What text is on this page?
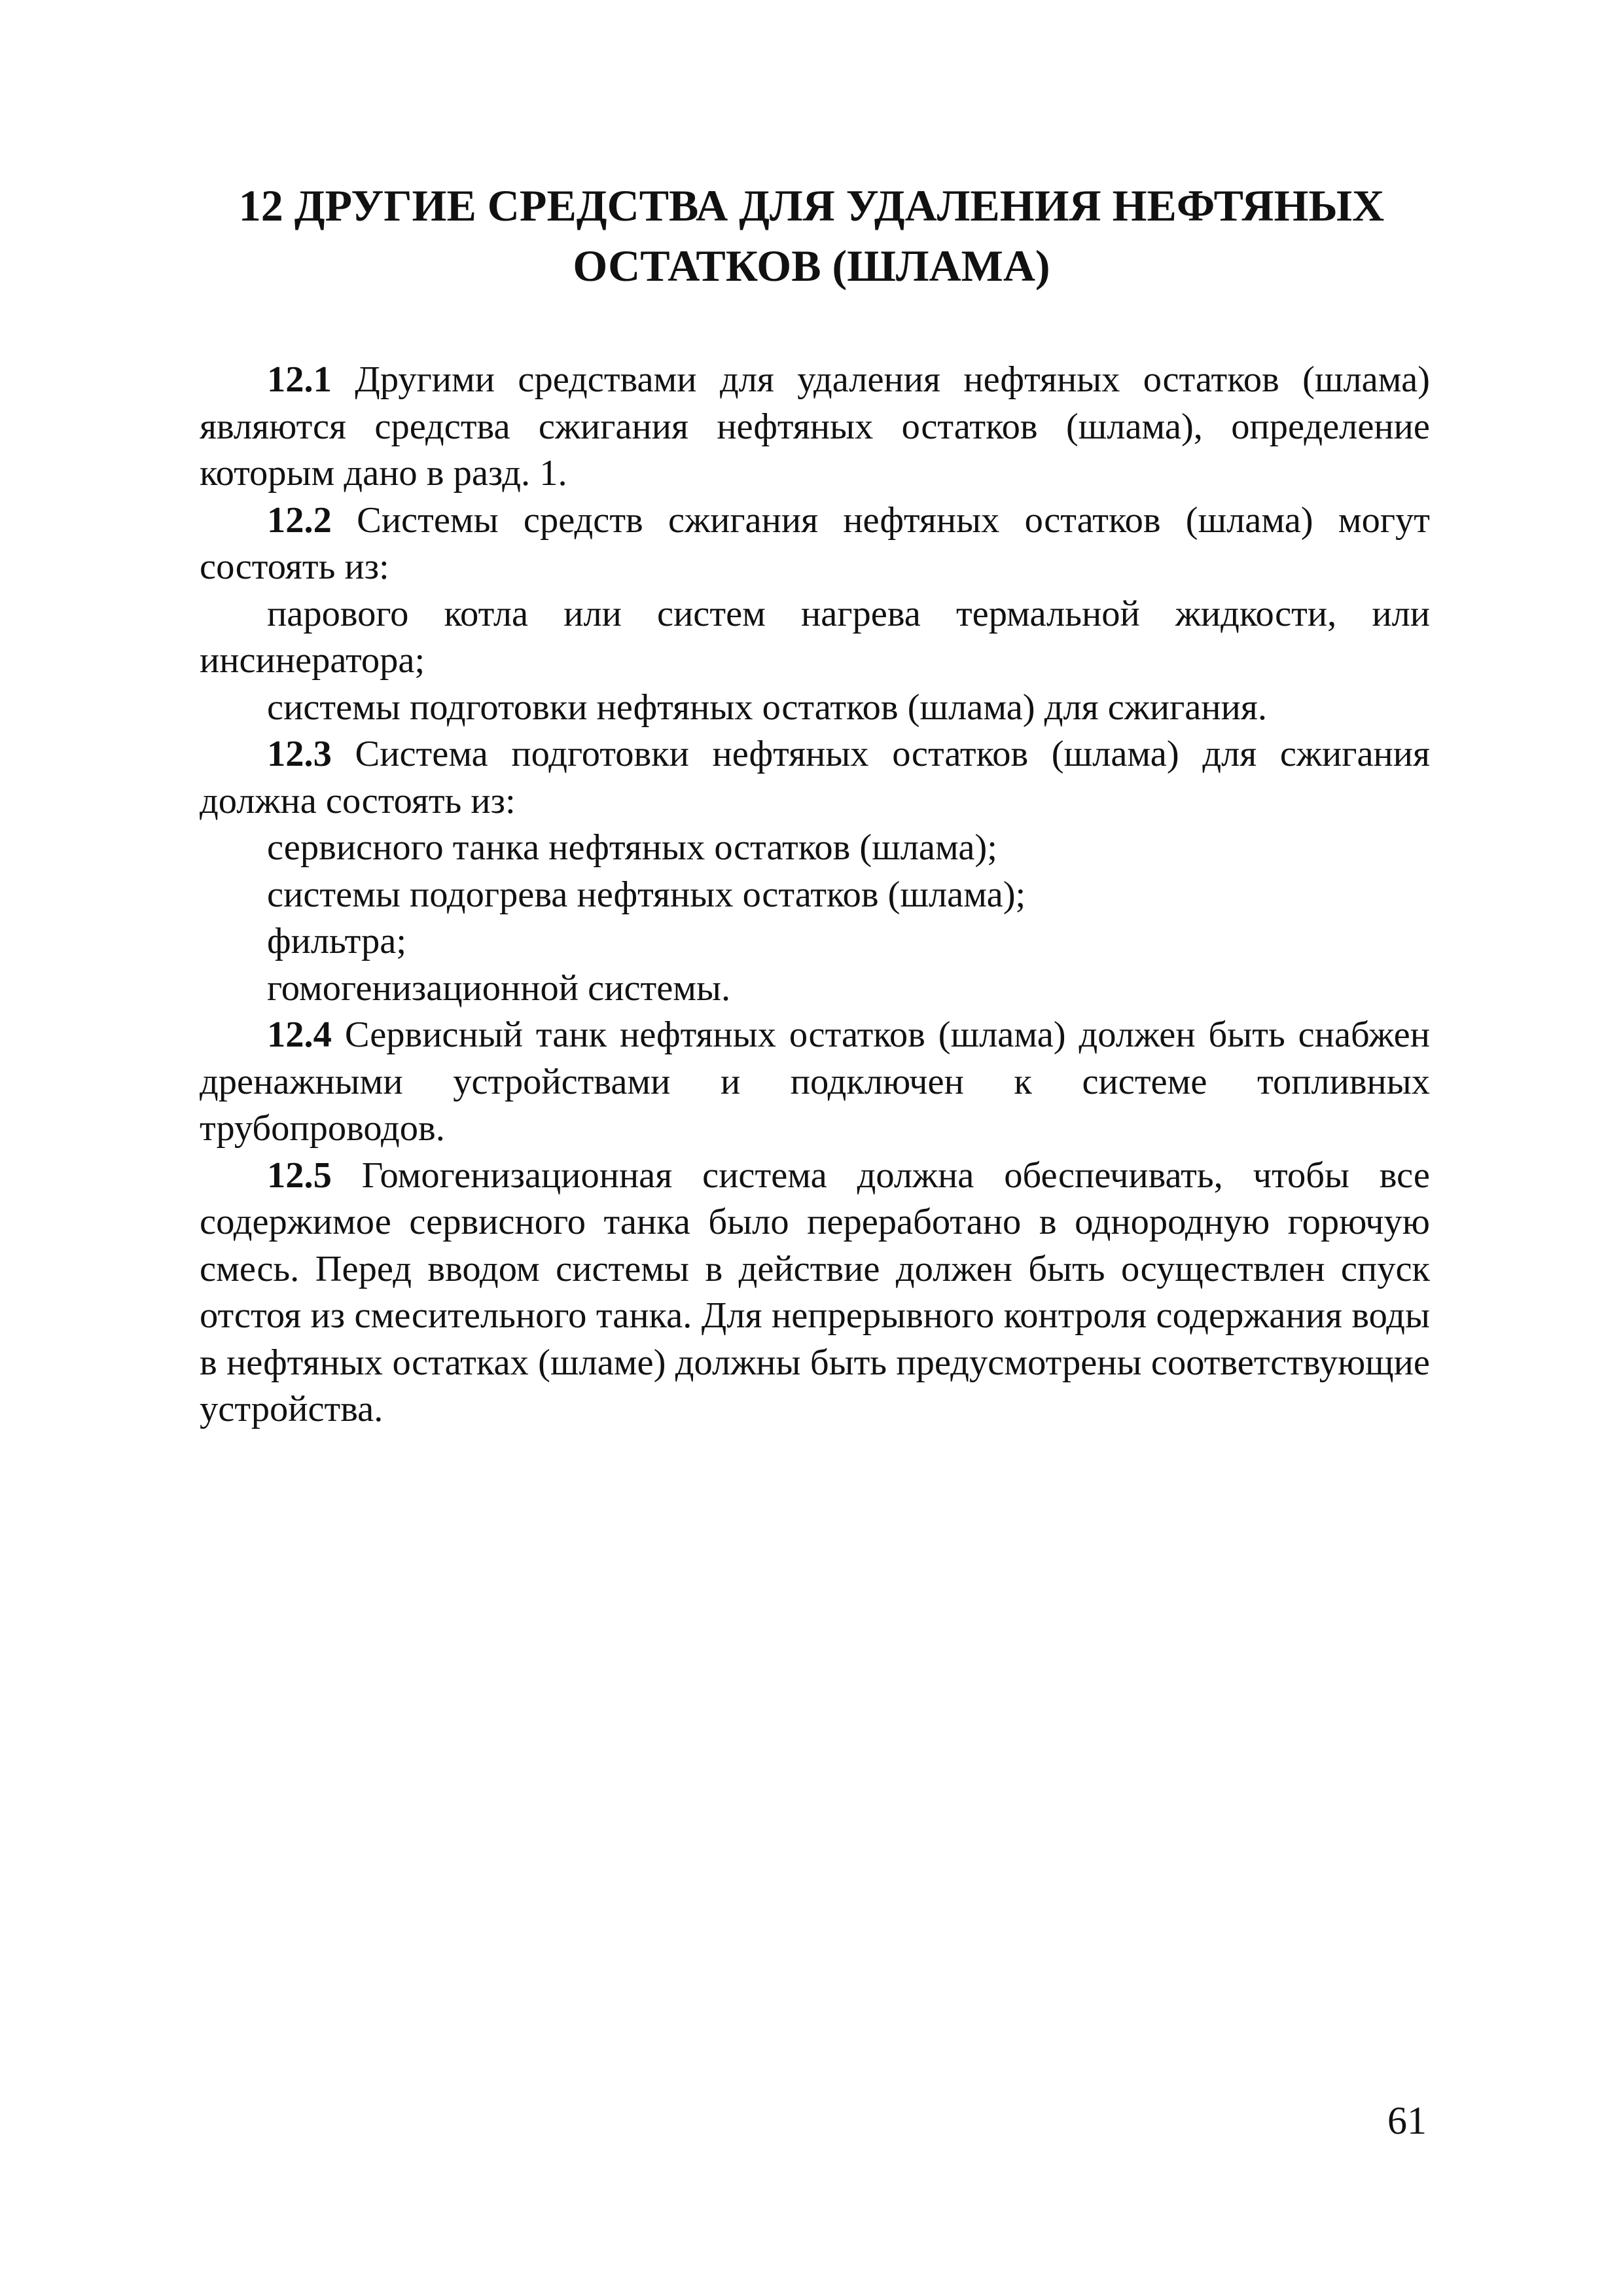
12 ДРУГИЕ СРЕДСТВА ДЛЯ УДАЛЕНИЯ НЕФТЯНЫХ
ОСТАТКОВ (ШЛАМА)

12.1 Другими средствами для удаления нефтяных остатков (шлама) являются средства сжигания нефтяных остатков (шлама), определение которым дано в разд. 1.

12.2 Системы средств сжигания нефтяных остатков (шлама) могут состоять из:

парового котла или систем нагрева термальной жидкости, или инсинератора;

системы подготовки нефтяных остатков (шлама) для сжигания.

12.3 Система подготовки нефтяных остатков (шлама) для сжигания должна состоять из:

сервисного танка нефтяных остатков (шлама);

системы подогрева нефтяных остатков (шлама);

фильтра;

гомогенизационной системы.

12.4 Сервисный танк нефтяных остатков (шлама) должен быть снабжен дренажными устройствами и подключен к системе топливных трубопроводов.

12.5 Гомогенизационная система должна обеспечивать, чтобы все содержимое сервисного танка было переработано в однородную горючую смесь. Перед вводом системы в действие должен быть осуществлен спуск отстоя из смесительного танка. Для непрерывного контроля содержания воды в нефтяных остатках (шламе) должны быть предусмотрены соответствующие устройства.

61
